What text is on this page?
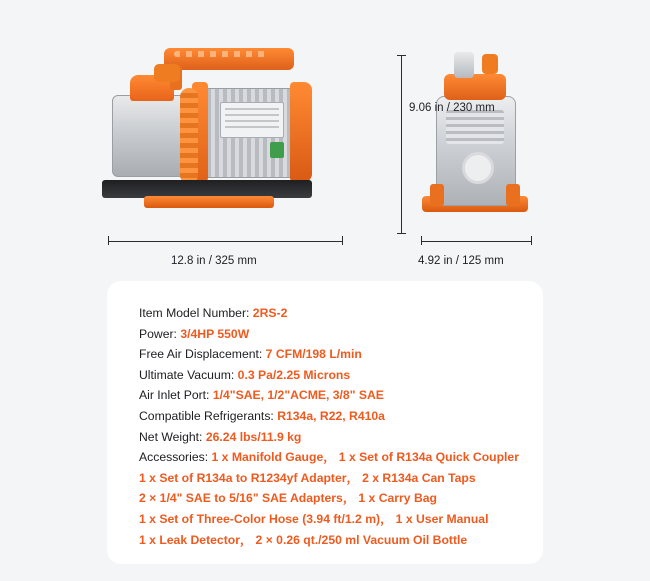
12.8 in / 325 mm
9.06 in / 230 mm
4.92 in / 125 mm
Item Model Number: 2RS-2
Power: 3/4HP 550W
Free Air Displacement: 7 CFM/198 L/min
Ultimate Vacuum: 0.3 Pa/2.25 Microns
Air Inlet Port: 1/4"SAE, 1/2"ACME, 3/8" SAE
Compatible Refrigerants: R134a, R22, R410a
Net Weight: 26.24 lbs/11.9 kg
Accessories: 1 x Manifold Gauge， 1 x Set of R134a Quick Coupler
1 x Set of R134a to R1234yf Adapter， 2 x R134a Can Taps
2 × 1/4" SAE to 5/16" SAE Adapters， 1 x Carry Bag
1 x Set of Three-Color Hose (3.94 ft/1.2 m)， 1 x User Manual
1 x Leak Detector， 2 × 0.26 qt./250 ml Vacuum Oil Bottle
